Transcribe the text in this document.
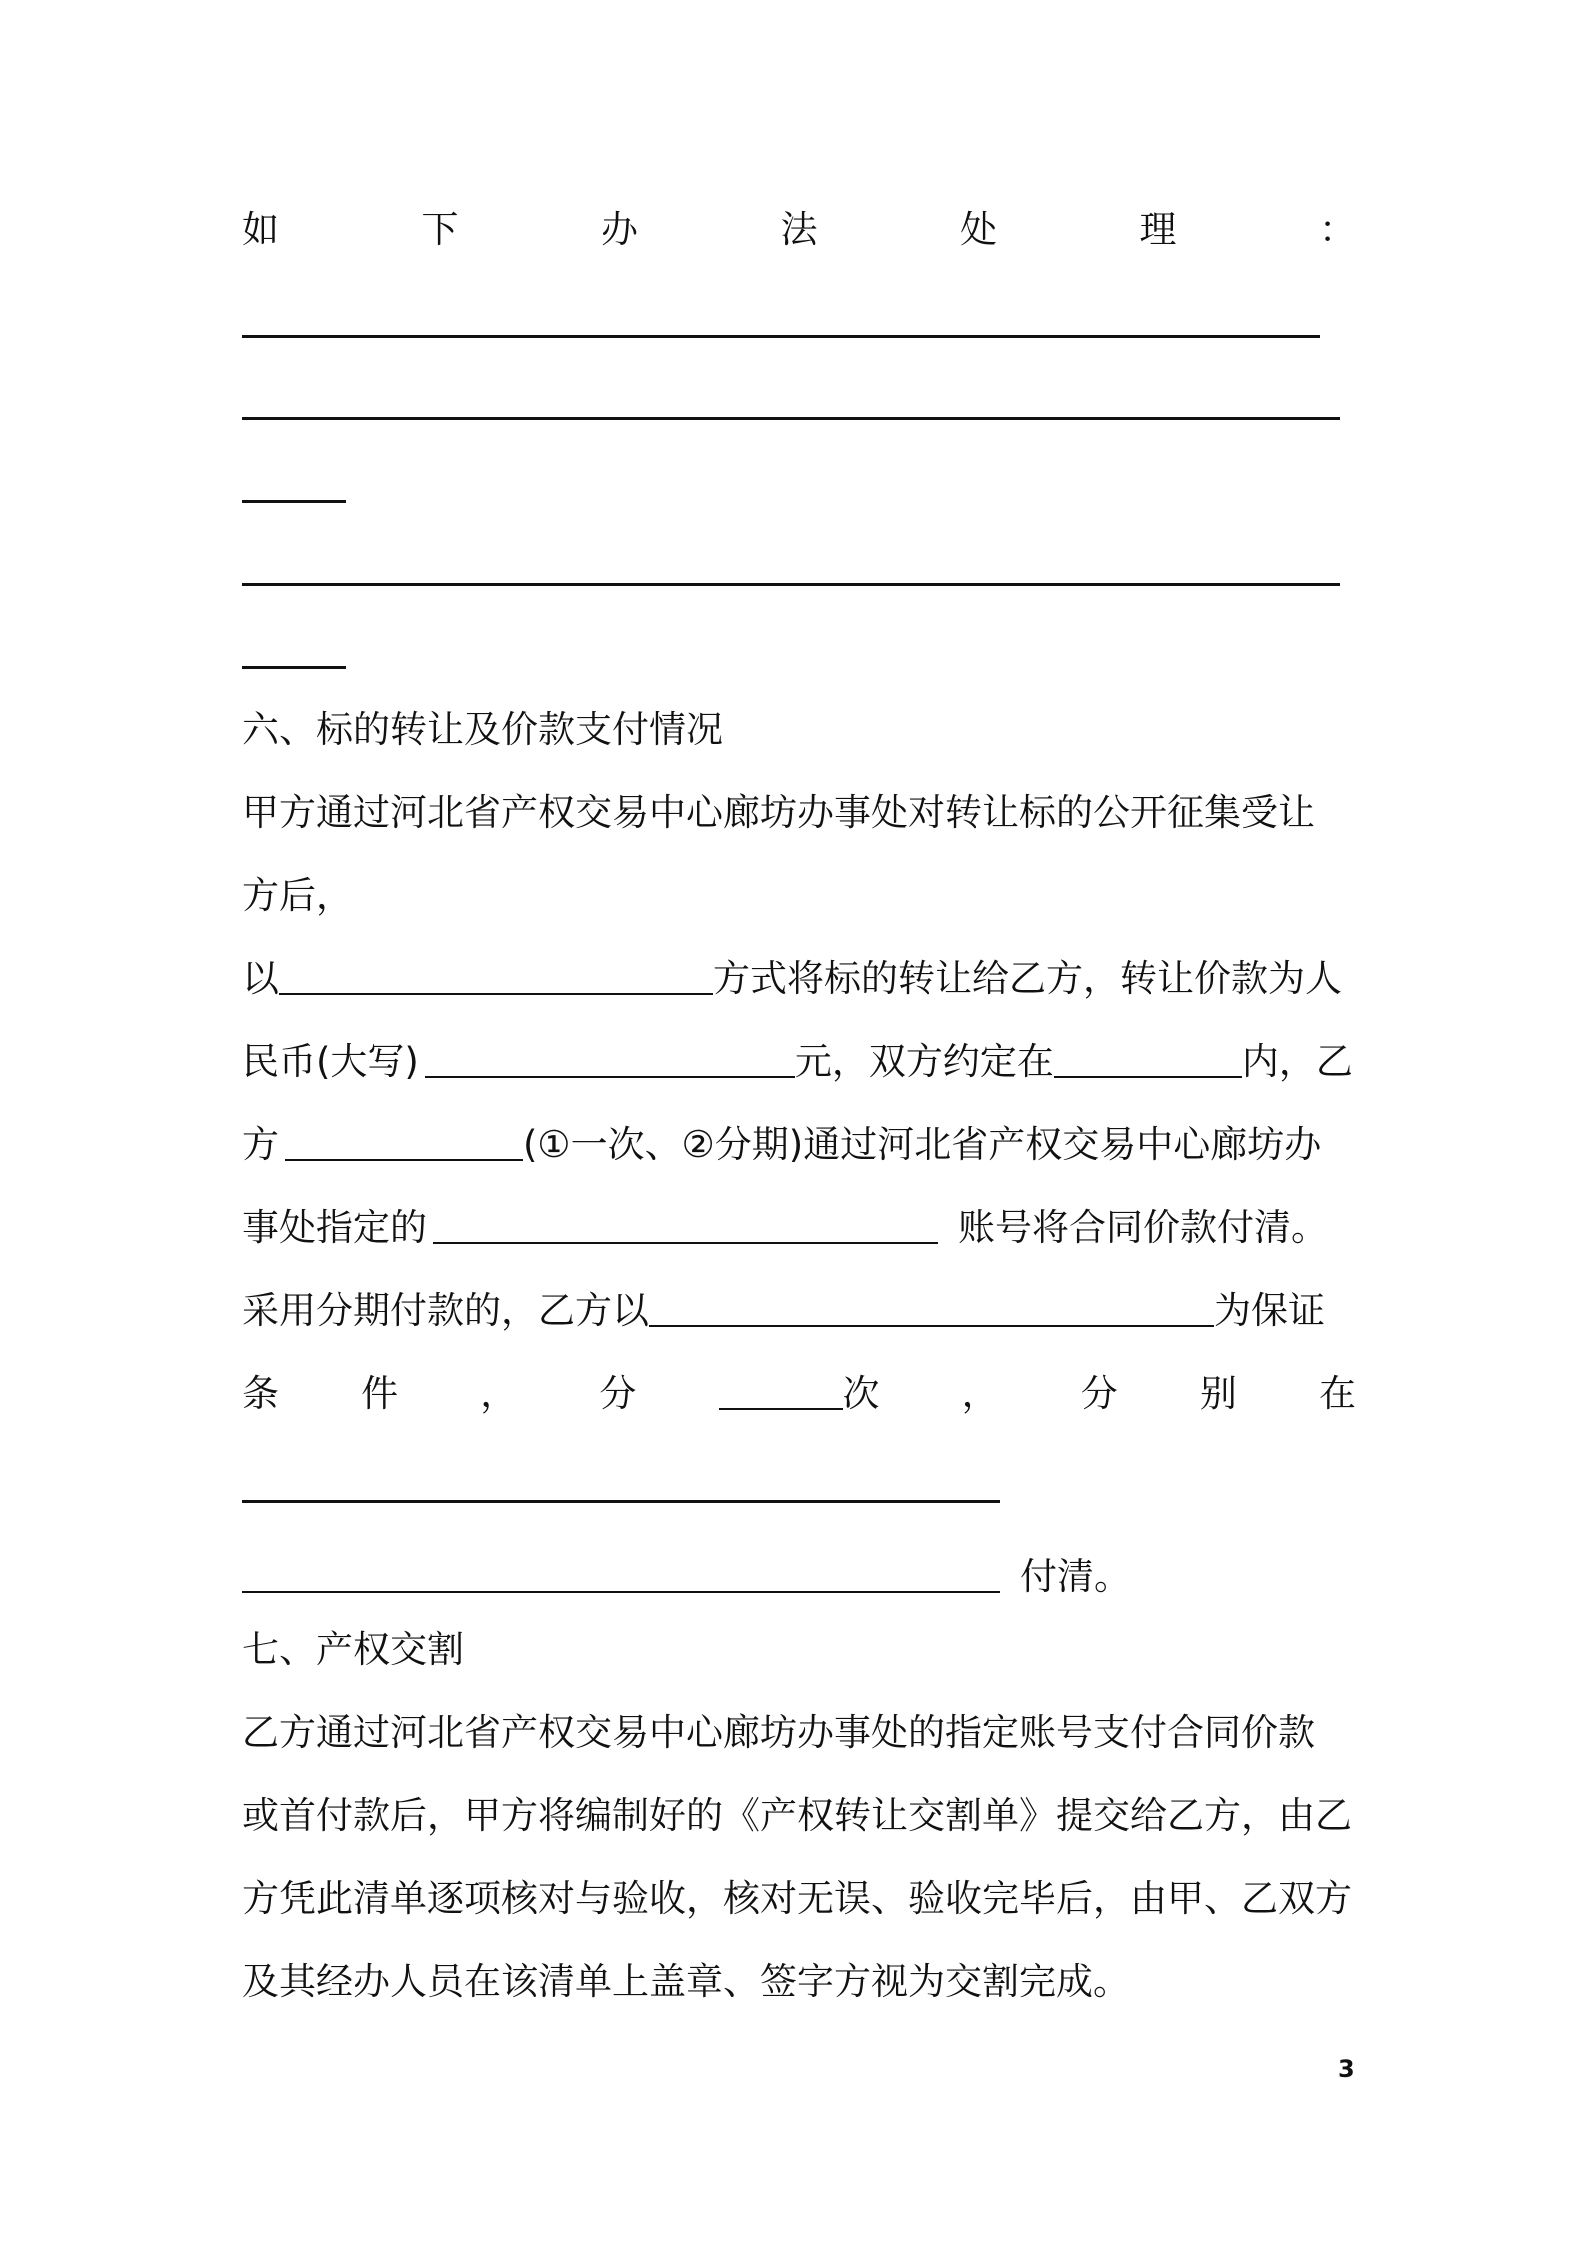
如	下	办	法	处	理	：
六、标的转让及价款支付情况
甲方通过河北省产权交易中心廊坊办事处对转让标的公开征集受让
方后，
以	方式将标的转让给乙方，转让价款为人
民币(大写)	元，双方约定在	内，乙
方	(①一次、②分期)通过河北省产权交易中心廊坊办
事处指定的	账号将合同价款付清。
采用分期付款的，乙方以	为保证
条 件 ， 分	次 ， 分 别 在
付清。
七、产权交割
乙方通过河北省产权交易中心廊坊办事处的指定账号支付合同价款
或首付款后，甲方将编制好的《产权转让交割单》提交给乙方，由乙
方凭此清单逐项核对与验收，核对无误、验收完毕后，由甲、乙双方
及其经办人员在该清单上盖章、签字方视为交割完成。
3
